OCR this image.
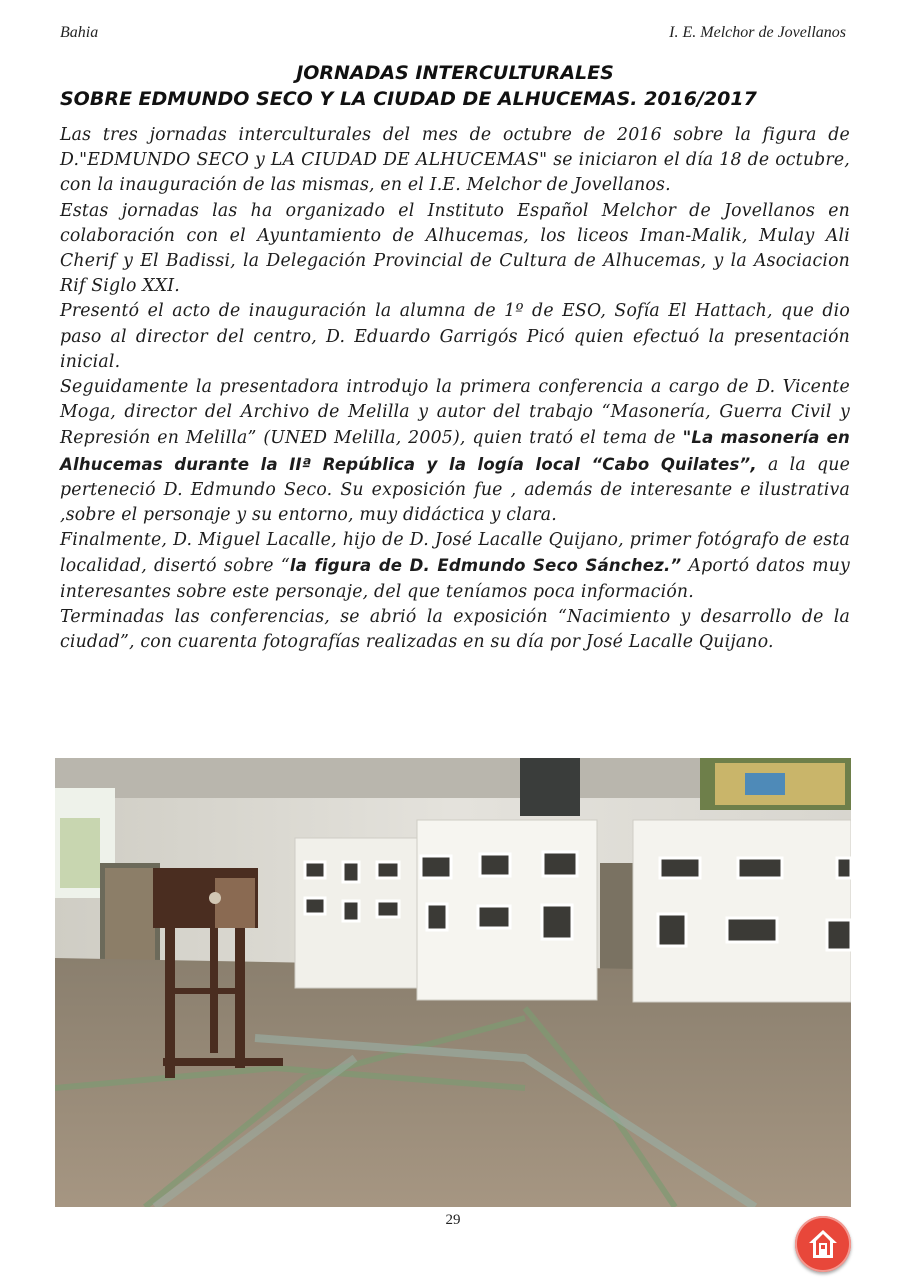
Bahia	I. E. Melchor de Jovellanos
JORNADAS INTERCULTURALES
SOBRE EDMUNDO SECO Y LA CIUDAD DE ALHUCEMAS. 2016/2017

Las tres jornadas interculturales del mes de octubre de 2016 sobre la figura de D."EDMUNDO SECO y LA CIUDAD DE ALHUCEMAS" se iniciaron el día 18 de octubre, con la inauguración de las mismas, en el I.E. Melchor de Jovellanos.

Estas jornadas las ha organizado el Instituto Español Melchor de Jovellanos en colaboración con el Ayuntamiento de Alhucemas, los liceos Iman-Malik, Mulay Ali Cherif y El Badissi, la Delegación Provincial de Cultura de Alhucemas, y la Asociacion Rif Siglo XXI.

Presentó el acto de inauguración la alumna de 1º de ESO, Sofía El Hattach, que dio paso al director del centro, D. Eduardo Garrigós Picó quien efectuó la presentación inicial.

Seguidamente la presentadora introdujo la primera conferencia a cargo de D. Vicente Moga, director del Archivo de Melilla y autor del trabajo “Masonería, Guerra Civil y Represión en Melilla” (UNED Melilla, 2005), quien trató el tema de "La masonería en Alhucemas durante la IIª República y la logía local “Cabo Quilates”, a la que perteneció D. Edmundo Seco. Su exposición fue , además de interesante e ilustrativa ,sobre el personaje y su entorno, muy didáctica y clara.

Finalmente, D. Miguel Lacalle, hijo de D. José Lacalle Quijano, primer fotógrafo de esta localidad, disertó sobre “la figura de D. Edmundo Seco Sánchez.” Aportó datos muy interesantes sobre este personaje, del que teníamos poca información.

Terminadas las conferencias, se abrió la exposición “Nacimiento y desarrollo de la ciudad”, con cuarenta fotografías realizadas en su día por José Lacalle Quijano.

29
